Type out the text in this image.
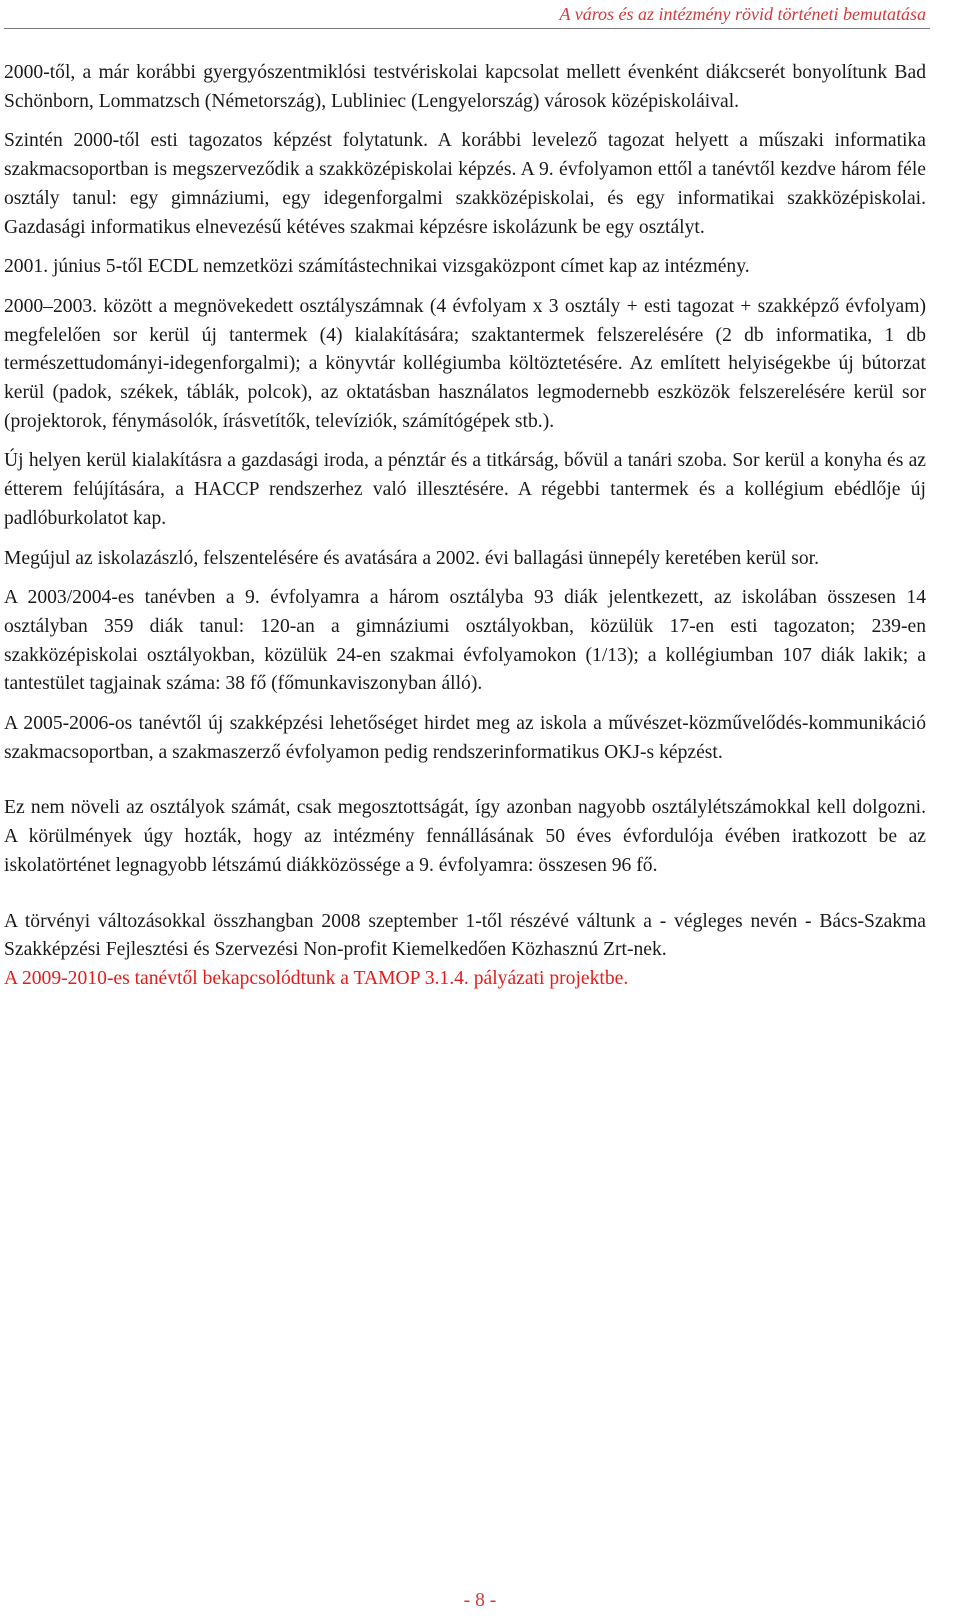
A város és az intézmény rövid történeti bemutatása

2000-től, a már korábbi gyergyószentmiklósi testvériskolai kapcsolat mellett évenként diákcserét bonyolítunk Bad Schönborn, Lommatzsch (Németország), Lubliniec (Lengyelország) városok középiskoláival.

Szintén 2000-től esti tagozatos képzést folytatunk. A korábbi levelező tagozat helyett a műszaki informatika szakmacsoportban is megszerveződik a szakközépiskolai képzés. A 9. évfolyamon ettől a tanévtől kezdve három féle osztály tanul: egy gimnáziumi, egy idegenforgalmi szakközépiskolai, és egy informatikai szakközépiskolai. Gazdasági informatikus elnevezésű kétéves szakmai képzésre iskolázunk be egy osztályt.

2001. június 5-től ECDL nemzetközi számítástechnikai vizsgaközpont címet kap az intézmény.

2000–2003. között a megnövekedett osztályszámnak (4 évfolyam x 3 osztály + esti tagozat + szakképző évfolyam) megfelelően sor kerül új tantermek (4) kialakítására; szaktantermek felszerelésére (2 db informatika, 1 db természettudományi-idegenforgalmi); a könyvtár kollégiumba költöztetésére. Az említett helyiségekbe új bútorzat kerül (padok, székek, táblák, polcok), az oktatásban használatos legmodernebb eszközök felszerelésére kerül sor (projektorok, fénymásolók, írásvetítők, televíziók, számítógépek stb.).

Új helyen kerül kialakításra a gazdasági iroda, a pénztár és a titkárság, bővül a tanári szoba. Sor kerül a konyha és az étterem felújítására, a HACCP rendszerhez való illesztésére. A régebbi tantermek és a kollégium ebédlője új padlóburkolatot kap.

Megújul az iskolazászló, felszentelésére és avatására a 2002. évi ballagási ünnepély keretében kerül sor.

A 2003/2004-es tanévben a 9. évfolyamra a három osztályba 93 diák jelentkezett, az iskolában összesen 14 osztályban 359 diák tanul: 120-an a gimnáziumi osztályokban, közülük 17-en esti tagozaton; 239-en szakközépiskolai osztályokban, közülük 24-en szakmai évfolyamokon (1/13); a kollégiumban 107 diák lakik; a tantestület tagjainak száma: 38 fő (főmunkaviszonyban álló).

A 2005-2006-os tanévtől új szakképzési lehetőséget hirdet meg az iskola a művészet-közművelődés-kommunikáció szakmacsoportban, a szakmaszerző évfolyamon pedig rendszerinformatikus OKJ-s képzést.

Ez nem növeli az osztályok számát, csak megosztottságát, így azonban nagyobb osztálylétszámokkal kell dolgozni. A körülmények úgy hozták, hogy az intézmény fennállásának 50 éves évfordulója évében iratkozott be az iskolatörténet legnagyobb létszámú diákközössége a 9. évfolyamra: összesen 96 fő.

A törvényi változásokkal összhangban 2008 szeptember 1-től részévé váltunk a - végleges nevén - Bács-Szakma Szakképzési Fejlesztési és Szervezési Non-profit Kiemelkedően Közhasznú Zrt-nek.

A 2009-2010-es tanévtől bekapcsolódtunk a TAMOP 3.1.4. pályázati projektbe.

- 8 -
